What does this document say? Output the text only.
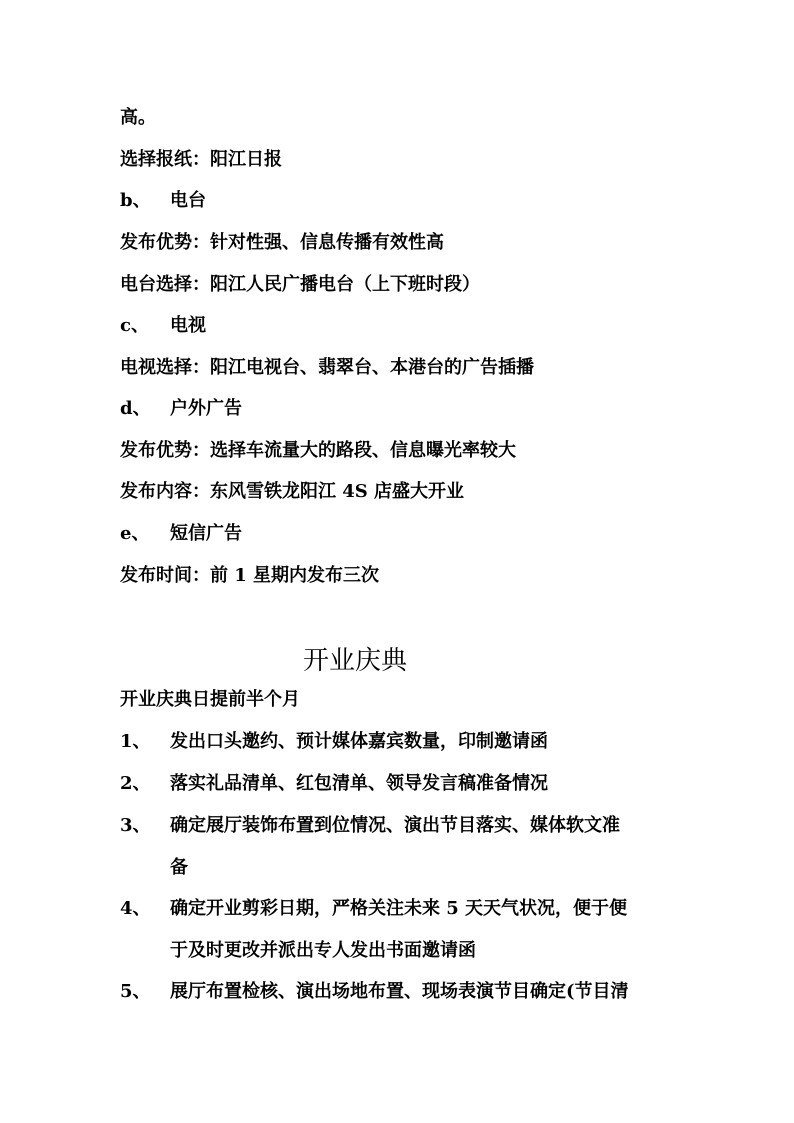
高。
选择报纸：阳江日报
b、 电台
发布优势：针对性强、信息传播有效性高
电台选择：阳江人民广播电台（上下班时段）
c、 电视
电视选择：阳江电视台、翡翠台、本港台的广告插播
d、 户外广告
发布优势：选择车流量大的路段、信息曝光率较大
发布内容：东风雪铁龙阳江 4S 店盛大开业
e、 短信广告
发布时间：前 1 星期内发布三次
开业庆典
开业庆典日提前半个月
1、 发出口头邀约、预计媒体嘉宾数量，印制邀请函
2、 落实礼品清单、红包清单、领导发言稿准备情况
3、 确定展厅装饰布置到位情况、演出节目落实、媒体软文准
备
4、 确定开业剪彩日期，严格关注未来 5 天天气状况，便于便
于及时更改并派出专人发出书面邀请函
5、 展厅布置检核、演出场地布置、现场表演节目确定(节目清
